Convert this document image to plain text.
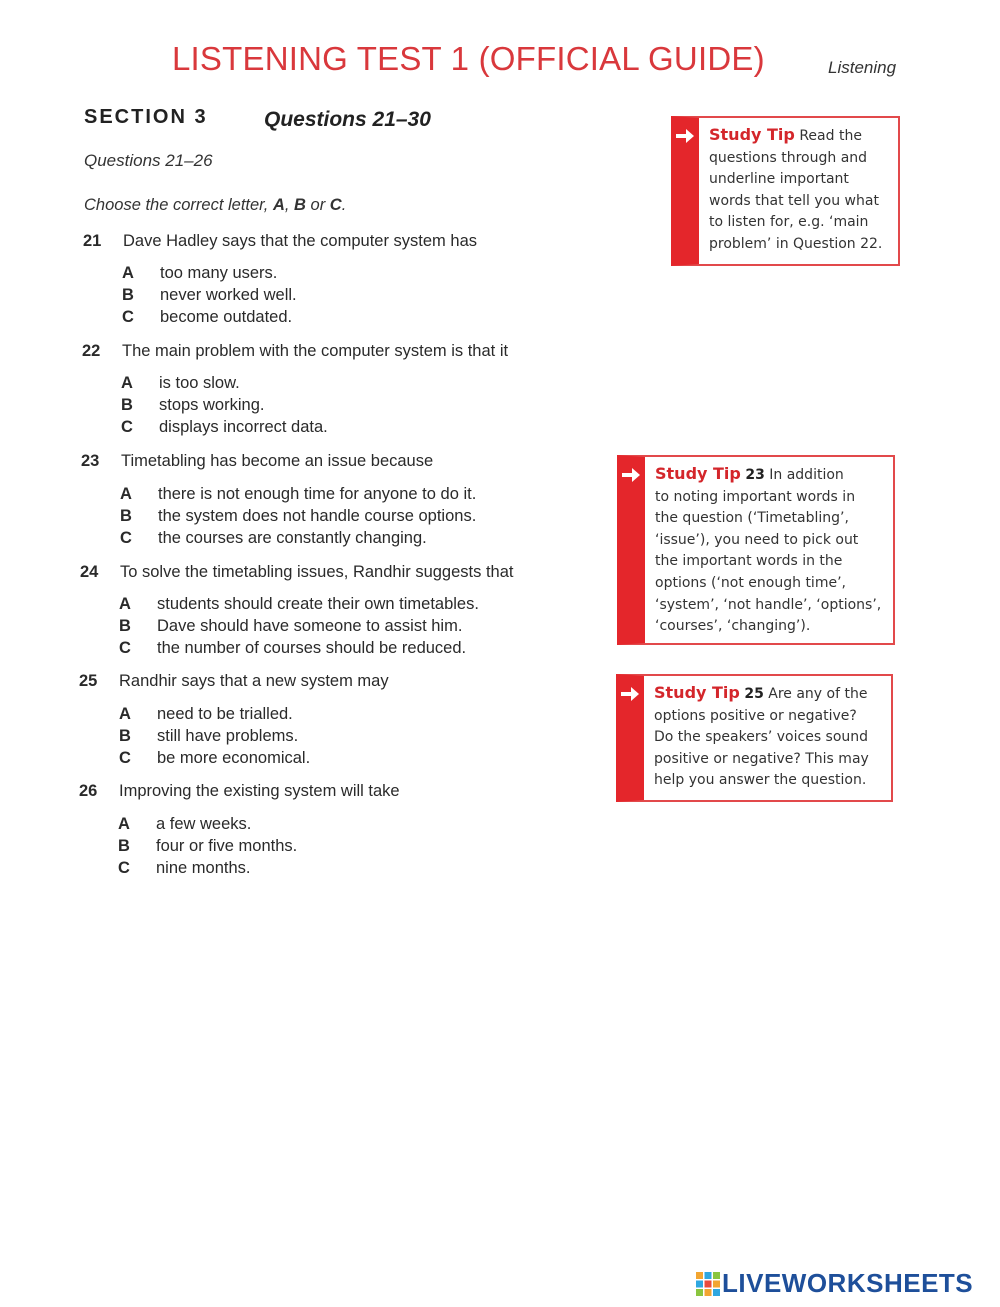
LISTENING TEST 1 (OFFICIAL GUIDE)	Listening
SECTION 3	Questions 21–30
Questions 21–26
Choose the correct letter, A, B or C.
21 Dave Hadley says that the computer system has
A too many users.
B never worked well.
C become outdated.
22 The main problem with the computer system is that it
A is too slow.
B stops working.
C displays incorrect data.
23 Timetabling has become an issue because
A there is not enough time for anyone to do it.
B the system does not handle course options.
C the courses are constantly changing.
24 To solve the timetabling issues, Randhir suggests that
A students should create their own timetables.
B Dave should have someone to assist him.
C the number of courses should be reduced.
25 Randhir says that a new system may
A need to be trialled.
B still have problems.
C be more economical.
26 Improving the existing system will take
A a few weeks.
B four or five months.
C nine months.
Study Tip Read the
questions through and
underline important
words that tell you what
to listen for, e.g. ‘main
problem’ in Question 22.
Study Tip 23 In addition
to noting important words in
the question (‘Timetabling’,
‘issue’), you need to pick out
the important words in the
options (‘not enough time’,
‘system’, ‘not handle’, ‘options’,
‘courses’, ‘changing’).
Study Tip 25 Are any of the
options positive or negative?
Do the speakers’ voices sound
positive or negative? This may
help you answer the question.
LIVEWORKSHEETS
